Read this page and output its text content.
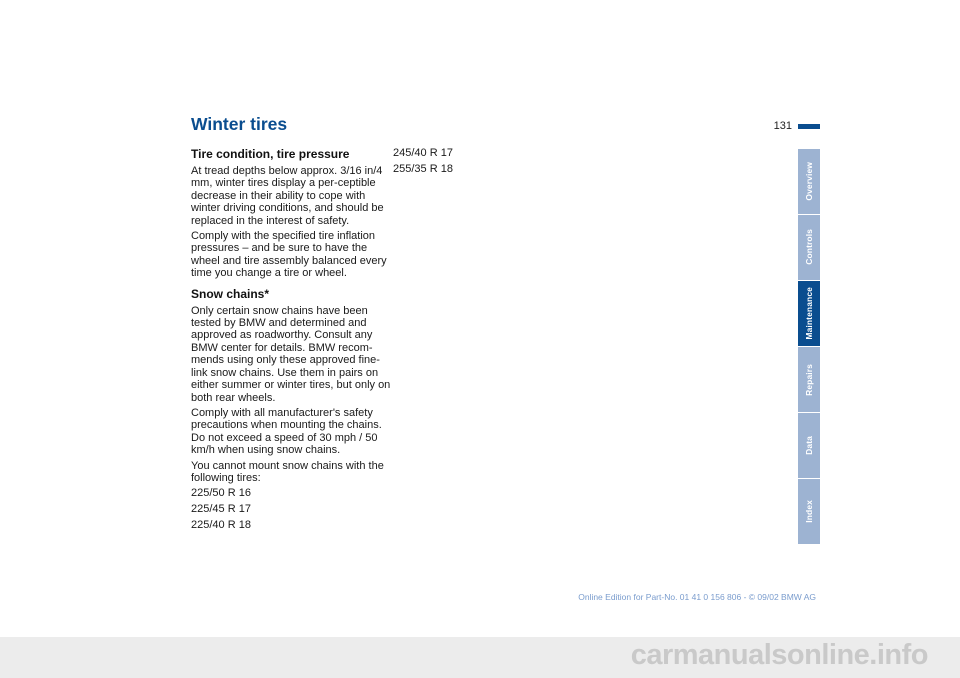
Winter tires	131
Tire condition, tire pressure

At tread depths below approx. 3/16 in/4 mm, winter tires display a per-ceptible decrease in their ability to cope with winter driving conditions, and should be replaced in the interest of safety.

Comply with the specified tire inflation pressures – and be sure to have the wheel and tire assembly balanced every time you change a tire or wheel.

Snow chains*

Only certain snow chains have been tested by BMW and determined and approved as roadworthy. Consult any BMW center for details. BMW recom-mends using only these approved fine-link snow chains. Use them in pairs on either summer or winter tires, but only on both rear wheels.

Comply with all manufacturer's safety precautions when mounting the chains. Do not exceed a speed of 30 mph / 50 km/h when using snow chains.

You cannot mount snow chains with the following tires:

225/50 R 16
225/45 R 17
225/40 R 18
245/40 R 17
255/35 R 18	Overview
Controls
Maintenance
Repairs
Data
Index
Online Edition for Part-No. 01 41 0 156 806 - © 09/02 BMW AG
carmanualsonline.info
